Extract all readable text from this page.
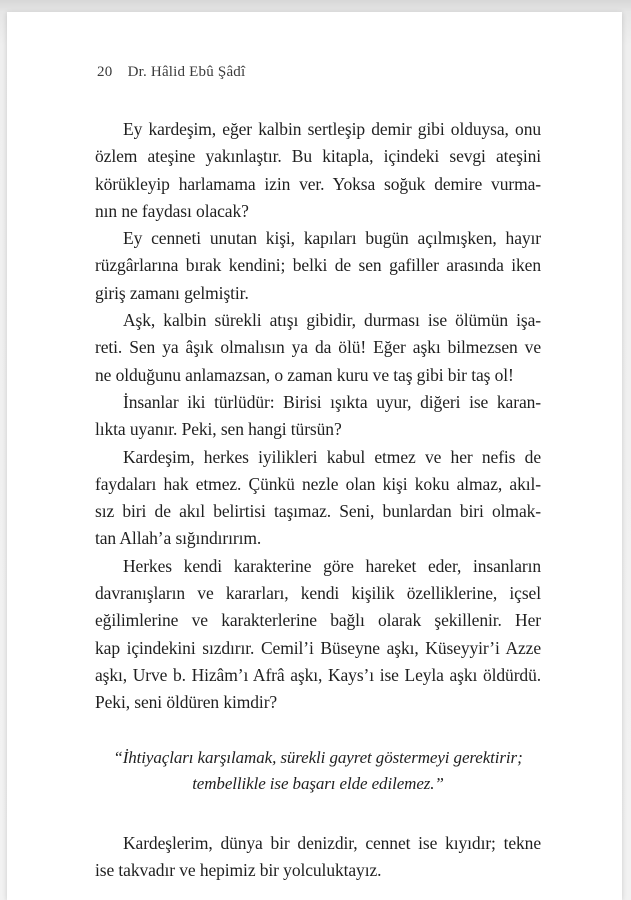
20 Dr. Hâlid Ebû Şâdî

Ey kardeşim, eğer kalbin sertleşip demir gibi olduysa, onu
özlem ateşine yakınlaştır. Bu kitapla, içindeki sevgi ateşini
körükleyip harlamama izin ver. Yoksa soğuk demire vurma-
nın ne faydası olacak?

Ey cenneti unutan kişi, kapıları bugün açılmışken, hayır
rüzgârlarına bırak kendini; belki de sen gafiller arasında iken
giriş zamanı gelmiştir.

Aşk, kalbin sürekli atışı gibidir, durması ise ölümün işa-
reti. Sen ya âşık olmalısın ya da ölü! Eğer aşkı bilmezsen ve
ne olduğunu anlamazsan, o zaman kuru ve taş gibi bir taş ol!

İnsanlar iki türlüdür: Birisi ışıkta uyur, diğeri ise karan-
lıkta uyanır. Peki, sen hangi türsün?

Kardeşim, herkes iyilikleri kabul etmez ve her nefis de
faydaları hak etmez. Çünkü nezle olan kişi koku almaz, akıl-
sız biri de akıl belirtisi taşımaz. Seni, bunlardan biri olmak-
tan Allah’a sığındırırım.

Herkes kendi karakterine göre hareket eder, insanların
davranışların ve kararları, kendi kişilik özelliklerine, içsel
eğilimlerine ve karakterlerine bağlı olarak şekillenir. Her
kap içindekini sızdırır. Cemil’i Büseyne aşkı, Küseyyir’i Azze
aşkı, Urve b. Hizâm’ı Afrâ aşkı, Kays’ı ise Leyla aşkı öldürdü.
Peki, seni öldüren kimdir?

“İhtiyaçları karşılamak, sürekli gayret göstermeyi gerektirir;
tembellikle ise başarı elde edilemez.”

Kardeşlerim, dünya bir denizdir, cennet ise kıyıdır; tekne
ise takvadır ve hepimiz bir yolculuktayız.
